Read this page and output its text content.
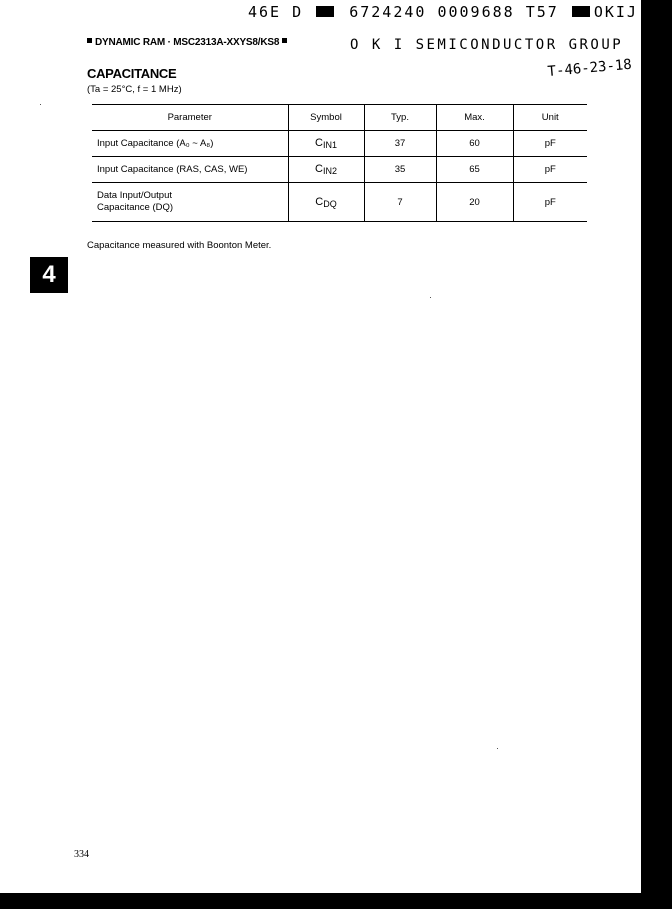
46E D	6724240 0009688 T57 OKIJ
DYNAMIC RAM · MSC2313A-XXYS8/KS8	O K I SEMICONDUCTOR GROUP
T-46-23-18
CAPACITANCE
(Ta = 25°C, f = 1 MHz)
Parameter	Symbol	Typ.	Max.	Unit
Input Capacitance (A₀ ~ A₈)	$C_{IN1}$	37	60	pF
Input Capacitance (RAS, CAS, WE)	$C_{IN2}$	35	65	pF
Data Input/Output
Capacitance (DQ)	$C_{DQ}$	7	20	pF
Capacitance measured with Boonton Meter.
4
334
